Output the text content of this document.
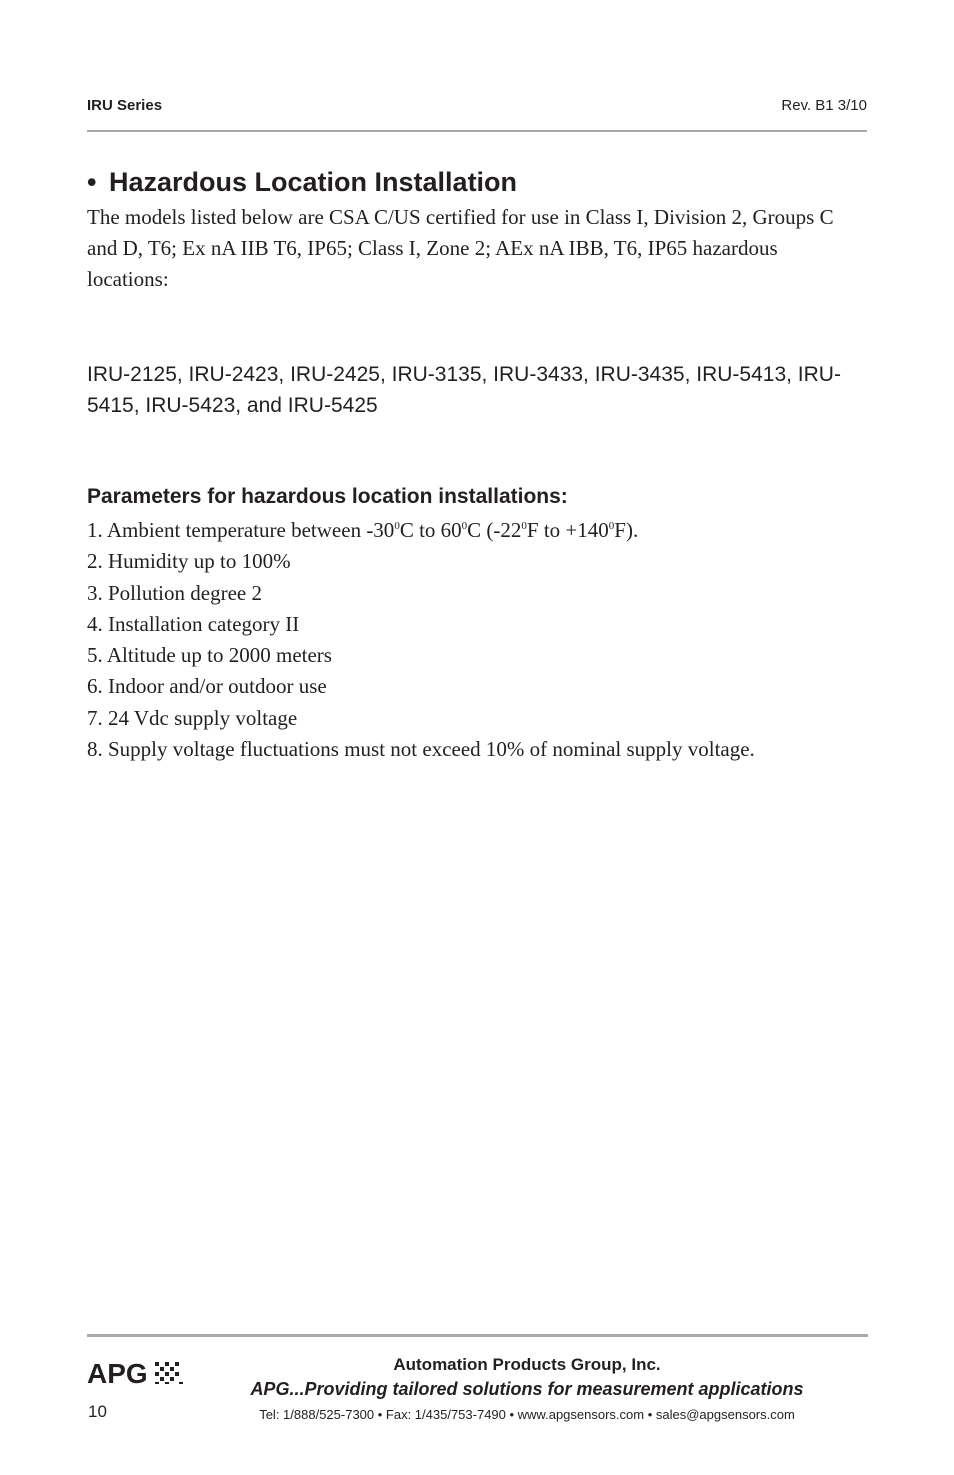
IRU Series	Rev. B1 3/10
• Hazardous Location Installation
The models listed below are CSA C/US certified for use in Class I, Division 2, Groups C and D, T6; Ex nA IIB T6, IP65; Class I, Zone 2; AEx nA IBB, T6, IP65 hazardous locations:
IRU-2125, IRU-2423, IRU-2425, IRU-3135, IRU-3433, IRU-3435, IRU-5413, IRU-5415, IRU-5423, and IRU-5425
Parameters for hazardous location installations:
1. Ambient temperature between $-30^0C$ to $60^0C$ ($-22^0F$ to $+140^0F$).
2. Humidity up to 100%
3. Pollution degree 2
4. Installation category II
5. Altitude up to 2000 meters
6. Indoor and/or outdoor use
7. 24 Vdc supply voltage
8. Supply voltage fluctuations must not exceed 10% of nominal supply voltage.
APG
10
Automation Products Group, Inc.
APG...Providing tailored solutions for measurement applications
Tel: 1/888/525-7300 • Fax: 1/435/753-7490 • www.apgsensors.com • sales@apgsensors.com
